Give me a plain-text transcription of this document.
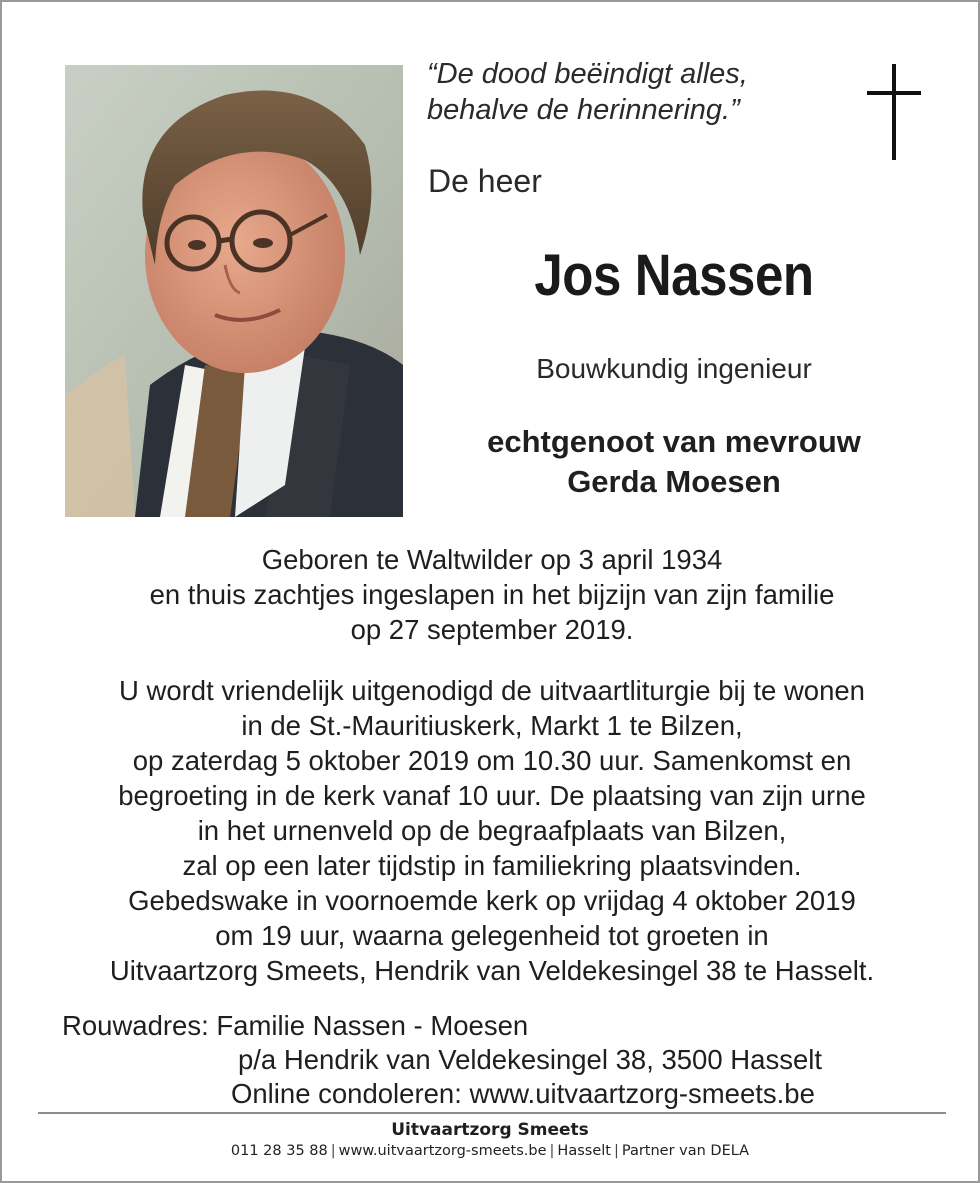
“De dood beëindigt alles,
behalve de herinnering.”
De heer
Jos Nassen
Bouwkundig ingenieur
echtgenoot van mevrouw
Gerda Moesen
Geboren te Waltwilder op 3 april 1934
en thuis zachtjes ingeslapen in het bijzijn van zijn familie
op 27 september 2019.
U wordt vriendelijk uitgenodigd de uitvaartliturgie bij te wonen
in de St.-Mauritiuskerk, Markt 1 te Bilzen,
op zaterdag 5 oktober 2019 om 10.30 uur. Samenkomst en
begroeting in de kerk vanaf 10 uur. De plaatsing van zijn urne
in het urnenveld op de begraafplaats van Bilzen,
zal op een later tijdstip in familiekring plaatsvinden.
Gebedswake in voornoemde kerk op vrijdag 4 oktober 2019
om 19 uur, waarna gelegenheid tot groeten in
Uitvaartzorg Smeets, Hendrik van Veldekesingel 38 te Hasselt.
Rouwadres: Familie Nassen - Moesen
p/a Hendrik van Veldekesingel 38, 3500 Hasselt
Online condoleren: www.uitvaartzorg-smeets.be
Uitvaartzorg Smeets
011 28 35 88 | www.uitvaartzorg-smeets.be | Hasselt | Partner van DELA
